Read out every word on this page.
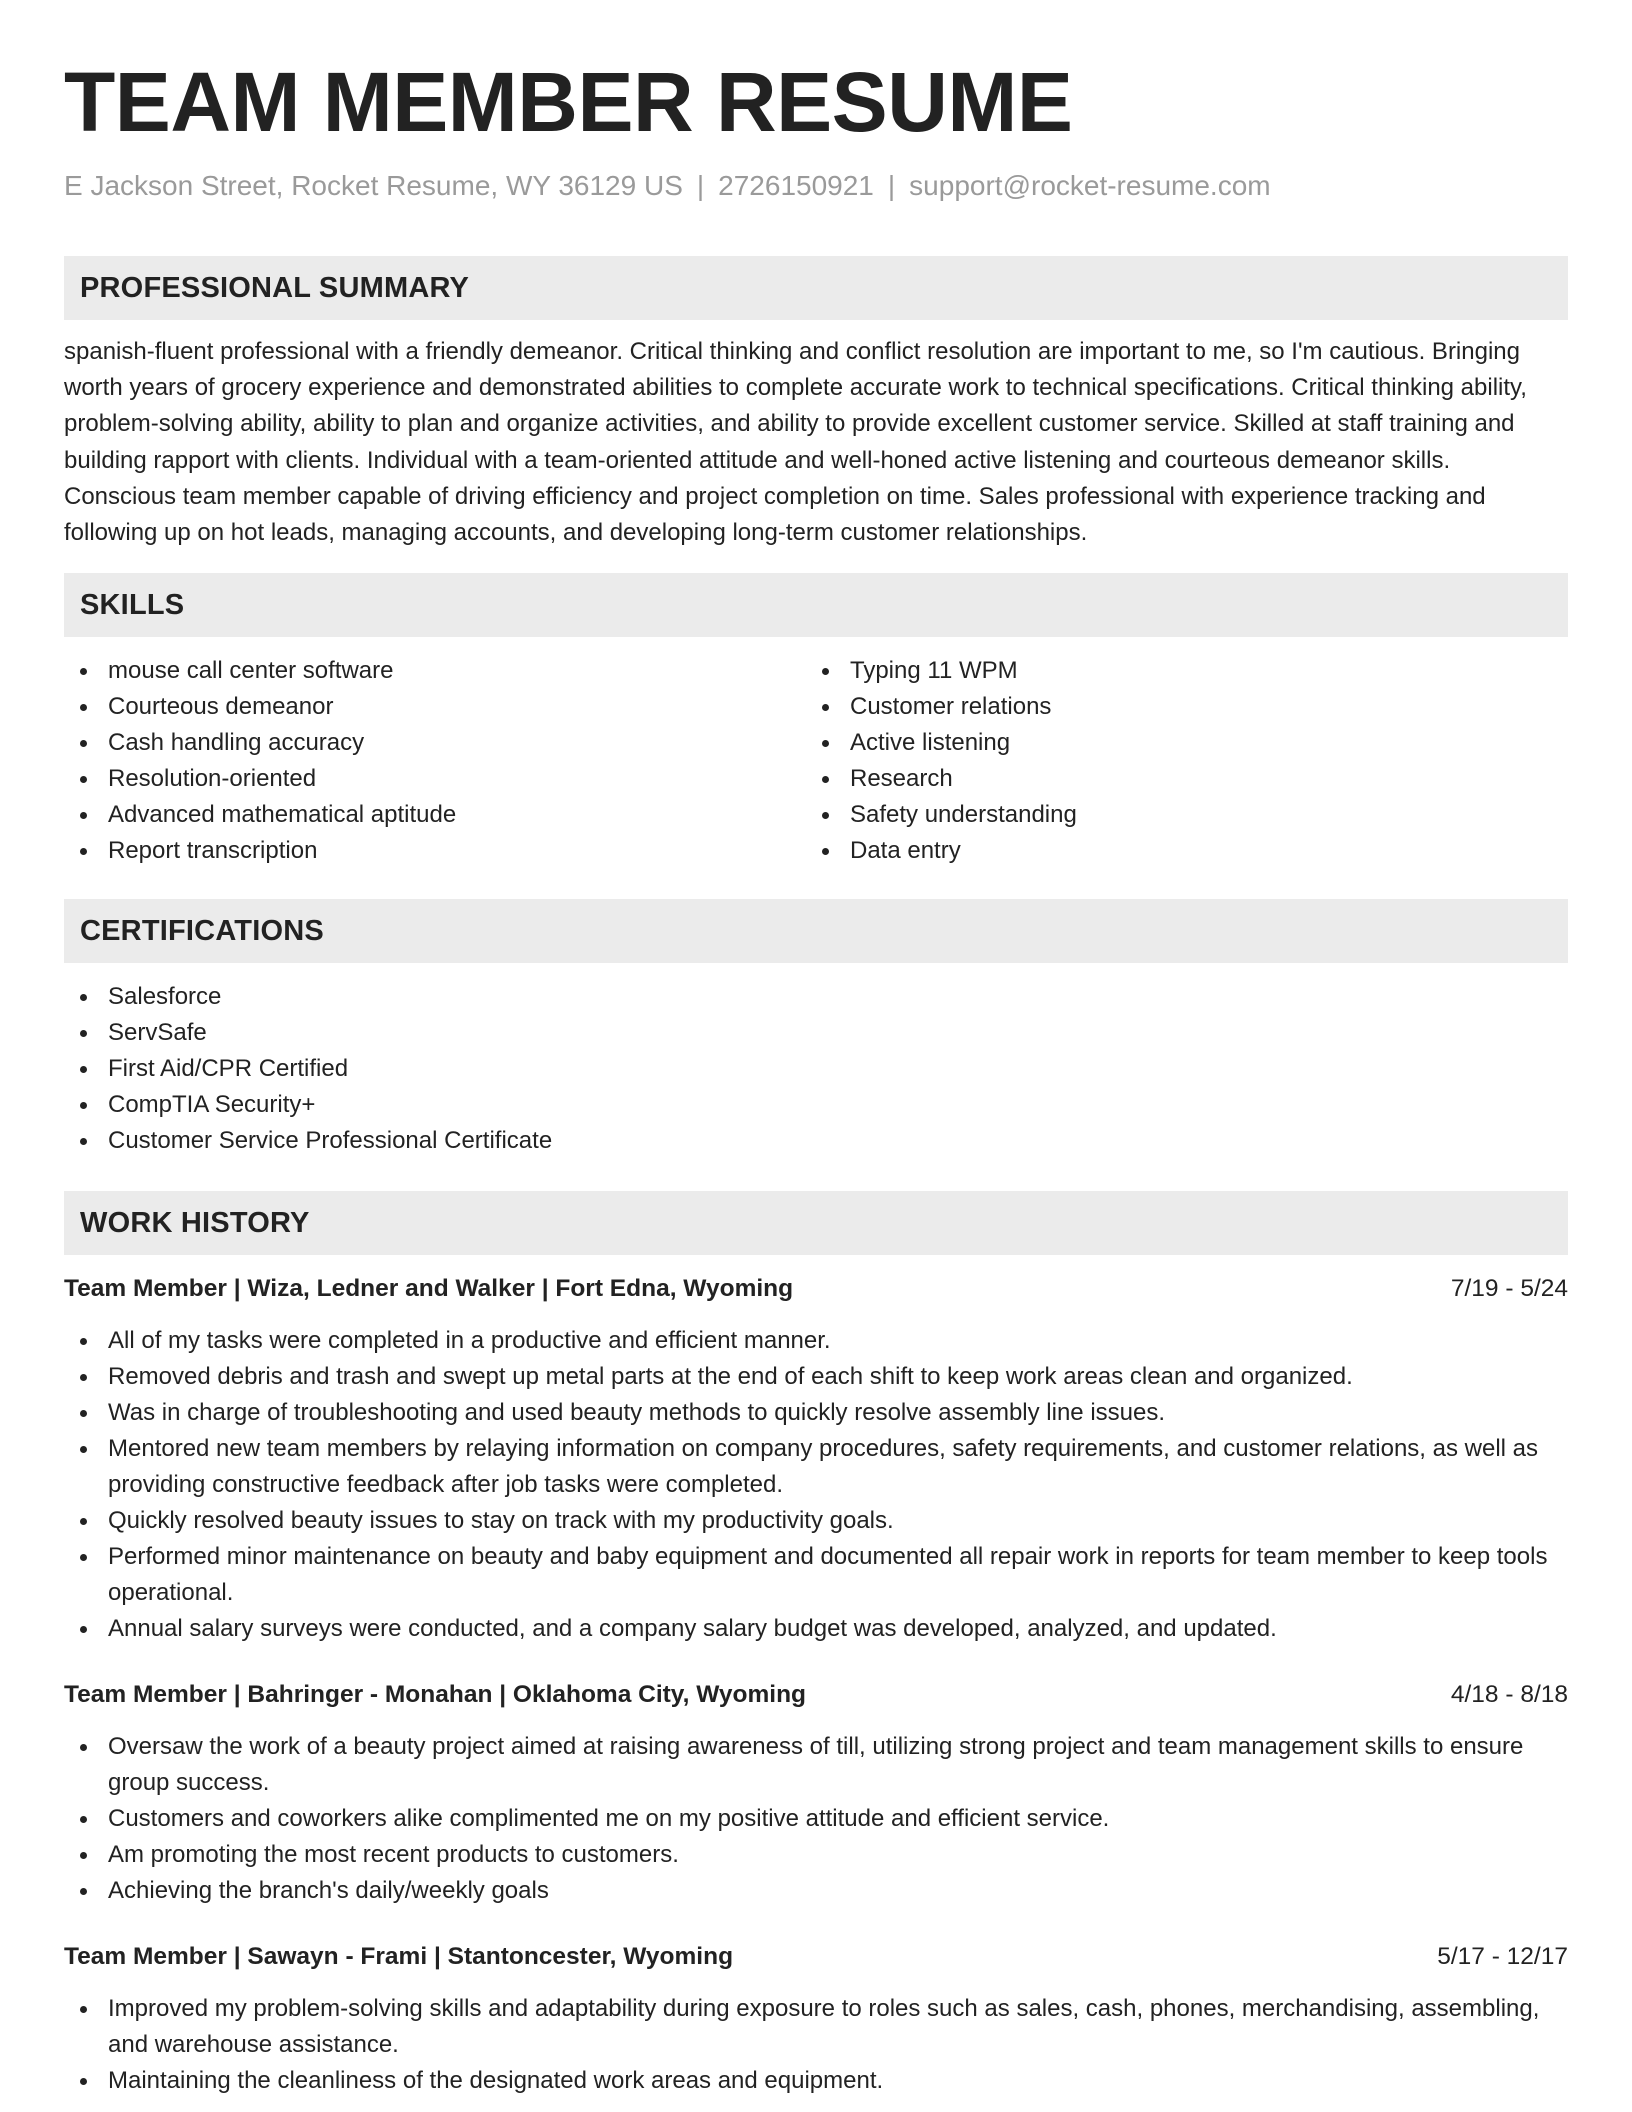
TEAM MEMBER RESUME
E Jackson Street, Rocket Resume, WY 36129 US | 2726150921 | support@rocket-resume.com
PROFESSIONAL SUMMARY

spanish-fluent professional with a friendly demeanor. Critical thinking and conflict resolution are important to me, so I'm cautious. Bringing worth years of grocery experience and demonstrated abilities to complete accurate work to technical specifications. Critical thinking ability, problem-solving ability, ability to plan and organize activities, and ability to provide excellent customer service. Skilled at staff training and building rapport with clients. Individual with a team-oriented attitude and well-honed active listening and courteous demeanor skills. Conscious team member capable of driving efficiency and project completion on time. Sales professional with experience tracking and following up on hot leads, managing accounts, and developing long-term customer relationships.

SKILLS
mouse call center software
Courteous demeanor
Cash handling accuracy
Resolution-oriented
Advanced mathematical aptitude
Report transcription
Typing 11 WPM
Customer relations
Active listening
Research
Safety understanding
Data entry
CERTIFICATIONS
Salesforce
ServSafe
First Aid/CPR Certified
CompTIA Security+
Customer Service Professional Certificate
WORK HISTORY
Team Member | Wiza, Ledner and Walker | Fort Edna, Wyoming	7/19 - 5/24
All of my tasks were completed in a productive and efficient manner.
Removed debris and trash and swept up metal parts at the end of each shift to keep work areas clean and organized.
Was in charge of troubleshooting and used beauty methods to quickly resolve assembly line issues.
Mentored new team members by relaying information on company procedures, safety requirements, and customer relations, as well as providing constructive feedback after job tasks were completed.
Quickly resolved beauty issues to stay on track with my productivity goals.
Performed minor maintenance on beauty and baby equipment and documented all repair work in reports for team member to keep tools operational.
Annual salary surveys were conducted, and a company salary budget was developed, analyzed, and updated.
Team Member | Bahringer - Monahan | Oklahoma City, Wyoming	4/18 - 8/18
Oversaw the work of a beauty project aimed at raising awareness of till, utilizing strong project and team management skills to ensure group success.
Customers and coworkers alike complimented me on my positive attitude and efficient service.
Am promoting the most recent products to customers.
Achieving the branch's daily/weekly goals
Team Member | Sawayn - Frami | Stantoncester, Wyoming	5/17 - 12/17
Improved my problem-solving skills and adaptability during exposure to roles such as sales, cash, phones, merchandising, assembling, and warehouse assistance.
Maintaining the cleanliness of the designated work areas and equipment.
